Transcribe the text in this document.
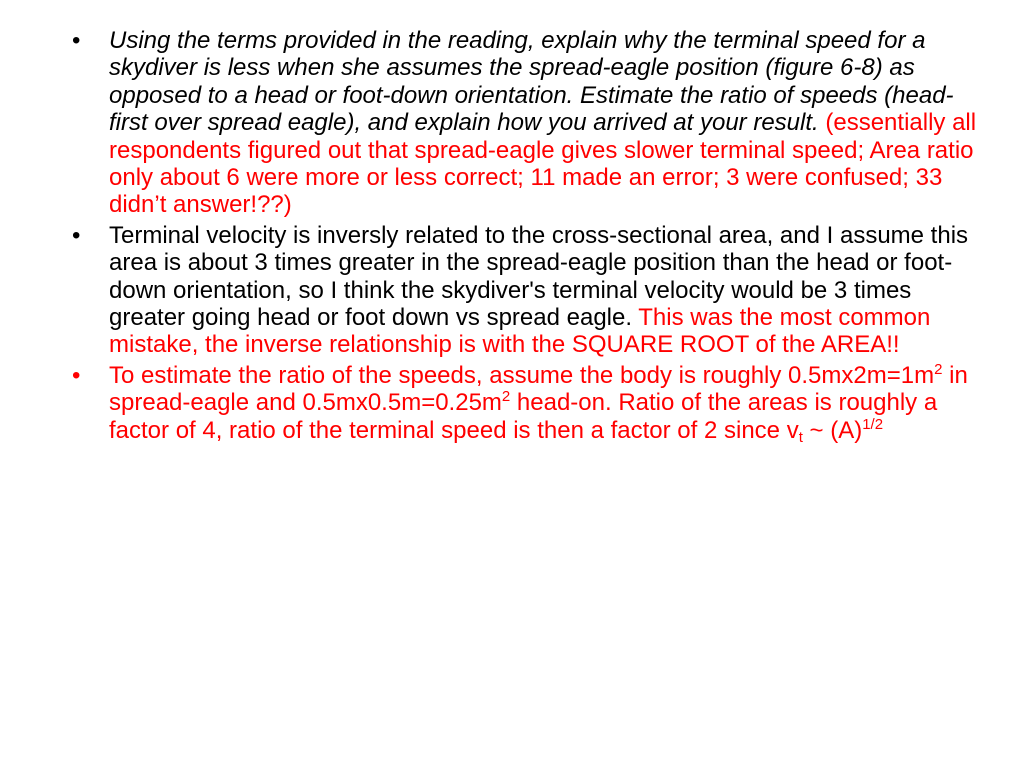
•	Using the terms provided in the reading, explain why the terminal speed for a skydiver is less when she assumes the spread-eagle position (figure 6-8) as opposed to a head or foot-down orientation. Estimate the ratio of speeds (head-first over spread eagle), and explain how you arrived at your result. (essentially all respondents figured out that spread-eagle gives slower terminal speed; Area ratio only about 6 were more or less correct; 11 made an error; 3 were confused; 33 didn’t answer!??)
•	Terminal velocity is inversly related to the cross-sectional area, and I assume this area is about 3 times greater in the spread-eagle position than the head or foot-down orientation, so I think the skydiver's terminal velocity would be 3 times greater going head or foot down vs spread eagle. This was the most common mistake, the inverse relationship is with the SQUARE ROOT of the AREA!!
•	To estimate the ratio of the speeds, assume the body is roughly $0.5mx2m=1m^2$ in spread-eagle and $0.5mx0.5m=0.25m^2$ head-on. Ratio of the areas is roughly a factor of 4, ratio of the terminal speed is then a factor of 2 since $v_t$ ~ $(A)^{1/2}$
